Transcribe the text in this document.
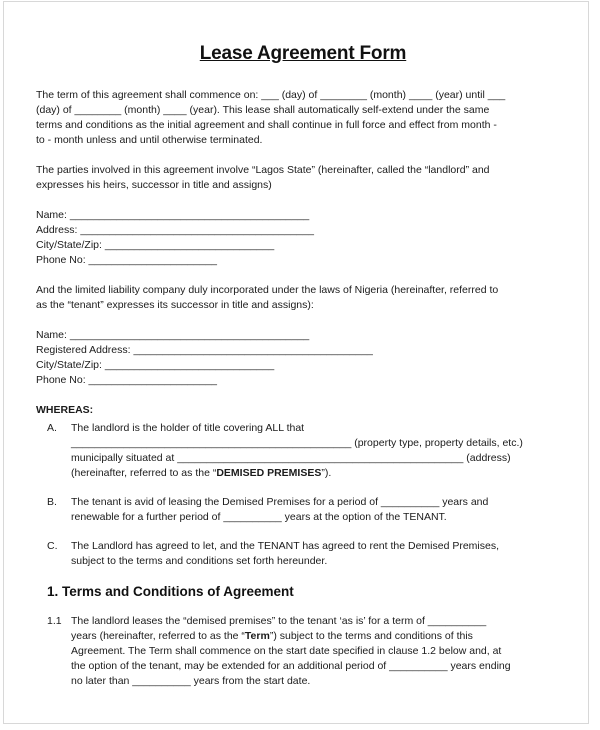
Lease Agreement Form
The term of this agreement shall commence on: ___ (day) of ________ (month) ____ (year) until ___
(day) of ________ (month) ____ (year). This lease shall automatically self-extend under the same
terms and conditions as the initial agreement and shall continue in full force and effect from month -
to - month unless and until otherwise terminated.
The parties involved in this agreement involve “Lagos State” (hereinafter, called the “landlord” and
expresses his heirs, successor in title and assigns)
Name: _________________________________________
Address: ________________________________________
City/State/Zip: _____________________________
Phone No: ______________________
And the limited liability company duly incorporated under the laws of Nigeria (hereinafter, referred to
as the “tenant” expresses its successor in title and assigns):
Name: _________________________________________
Registered Address: _________________________________________
City/State/Zip: _____________________________
Phone No: ______________________
WHEREAS:
A.	The landlord is the holder of title covering ALL that
________________________________________________ (property type, property details, etc.)
municipally situated at _________________________________________________ (address)
(hereinafter, referred to as the “DEMISED PREMISES”).
B.	The tenant is avid of leasing the Demised Premises for a period of __________ years and
renewable for a further period of __________ years at the option of the TENANT.
C.	The Landlord has agreed to let, and the TENANT has agreed to rent the Demised Premises,
subject to the terms and conditions set forth hereunder.
1. Terms and Conditions of Agreement
1.1 The landlord leases the “demised premises” to the tenant ‘as is’ for a term of __________
years (hereinafter, referred to as the “Term”) subject to the terms and conditions of this
Agreement. The Term shall commence on the start date specified in clause 1.2 below and, at
the option of the tenant, may be extended for an additional period of __________ years ending
no later than __________ years from the start date.
